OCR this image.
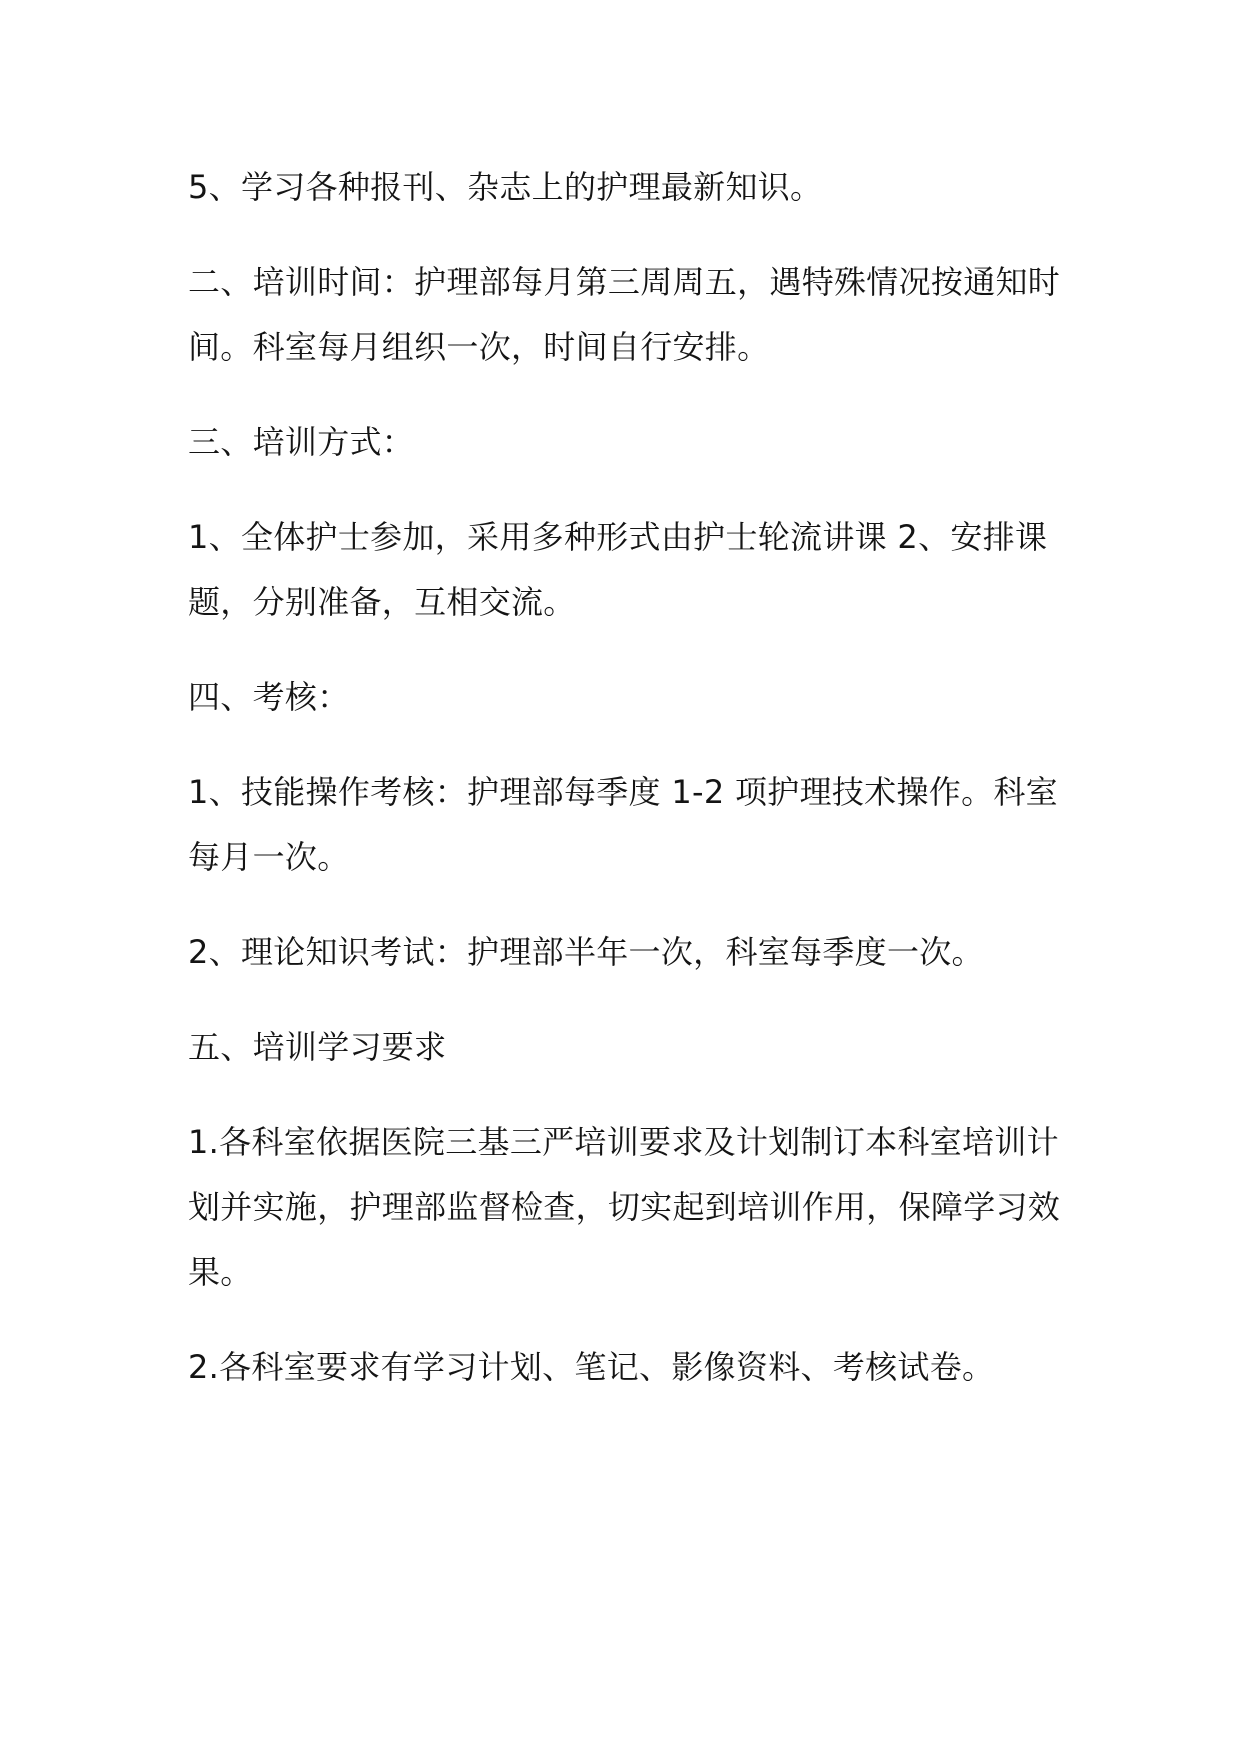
5、学习各种报刊、杂志上的护理最新知识。

二、培训时间：护理部每月第三周周五，遇特殊情况按通知时间。科室每月组织一次，时间自行安排。

三、培训方式：

1、全体护士参加，采用多种形式由护士轮流讲课 2、安排课题，分别准备，互相交流。

四、考核：

1、技能操作考核：护理部每季度 1-2 项护理技术操作。科室每月一次。

2、理论知识考试：护理部半年一次，科室每季度一次。

五、培训学习要求

1.各科室依据医院三基三严培训要求及计划制订本科室培训计划并实施，护理部监督检查，切实起到培训作用，保障学习效果。

2.各科室要求有学习计划、笔记、影像资料、考核试卷。
